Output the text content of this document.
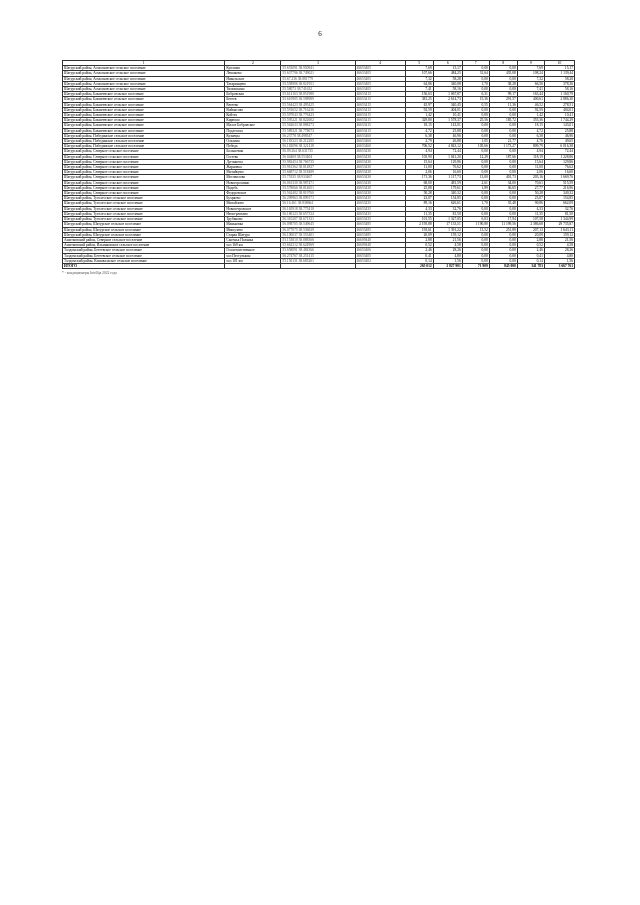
6
1	2	3	4	5	6	7	8	9	10
Шатурский район, Асмолковское сельское поселение	Куплиям	55.653091 38.950941	46653405	7,69	15,17	0,00	0,00	7,69	15,17
Шатурский район, Асмолковское сельское поселение	Лешаково	55.637796 38.749021	46653405	107,66	484,25	31,64	435,08	108,24	1 139,44
Шатурский район, Асмолковское сельское поселение	Никольское	55.67.236 38.881779	46653405	7,32	58,28	0,00	0,00	7,32	58,28
Шатурский район, Асмолковское сельское поселение	Татаринцево	55.558906 38.821951	46653405	64,86	340,08	1,70	38,28	66,56	378,36
Шатурский район, Асмолковское сельское поселение	Тимошкино	55.58073 38.741632	46653405	7,41	58,16	0,00	0,00	7,41	58,16
Шатурский район, Бакшеевское сельское поселение	Бобровская	55.614163 38.851980	46653415	156,63	1 067,87	6,31	99,17	163,44	1 160,79
Шатурский район, Бакшеевское сельское поселение	Бетеев	55.610905 38.598989	46653415	381,25	2 614,73	15,36	291,57	400,61	2 886,30
Шатурский район, Бакшеевское сельское поселение	Евтеево	55.564423 38.495425	46653415	45,97	340,45	0,55	11,36	46,52	278,51
Шатурский район, Бакшеевское сельское поселение	Воймасово	55.591652 38.716236	46653415	92,59	404,01	0,00	0,00	92,59	404,01
Шатурский район, Бакшеевское сельское поселение	Койтех	55.597043 38.776423	46653415	1,42	10,41	0,00	0,00	1,42	10,41
Шатурский район, Бакшеевское сельское поселение	Кирюшо	55.595221 38.822602	46653415	329,80	1 578,37	25,56	185,72	355,36	1 744,29
Шатурский район, Бакшеевское сельское поселение	Малое Бобровское	55.562633 38.888273	46653415	18,15	143,01	0,00	0,00	18,15	143,01
Шатурский район, Бакшеевское сельское поселение	Подлесиха	55.589321 38.778073	46653415	4,72	25,88	0,00	0,00	4,72	25,88
Шатурский район, Побединское сельское поселение	Кузнецы	56.23778 38.498547	46653460	6,38	46,96	0,00	0,00	6,38	46,96
Шатурский район, Побединское сельское поселение	Ольхина	56.183323 38.212295	46653460	2,79	26,88	1,05	21,77	4,76	49,65
Шатурский район, Побединское сельское поселение	Победа	56.182096 38.321418	46653460	706,52	4 843,12	105,66	1 173,27	809,79	6 016,38
Шатурский район, Северное сельское поселение	Большевик	56.09.264 38.631735	46653430	4,94	72,44	0,00	0,00	4,94	72,44
Шатурский район, Северное сельское поселение	Гостево	56.04469 38.553404	46653430	105,90	1 041,20	12,29	187,66	118,19	1 228,86
Шатурский район, Северное сельское поселение	Дуганкеты	55.982454 38.766735	46653430	15,64	129,86	0,00	0,00	15,64	129,86
Шатурский район, Северное сельское поселение	Жарновка	55.961362 38.814837	46653430	11,00	76,62	0,00	0,00	11,00	76,62
Шатурский район, Северное сельское поселение	Митяйцево	55.668712 38.518489	46653430	2,06	16,60	0,00	0,00	2,06	16,60
Шатурский район, Северное сельское поселение	Мотовилово	55.75335 38.933467	46653430	171,36	1 117,73	13,00	401,73	203,16	1 669,76
Шатурский район, Северное сельское поселение	Новогорошино	56.061330 38.987471	46653430	68,00	481,59	2,61	34,00	70,61	515,59
Шатурский район, Северное сельское поселение	Подобь	55.578066 38.814651	46653430	25,88	179,61	1,89	36,65	27,77	216,96
Шатурский район, Северное сельское поселение	Федоровское	55.562402 38.819760	46653430	50,28	340,32	0,00	0,00	50,28	340,32
Шатурский район, Туголесское сельское поселение	Бухряево	56.209963 38.899171	46653435	23,07	154,85	0,00	0,00	23,07	154,85
Шатурский район, Туголесское сельское поселение	Михайлово	56.16.461 38.838664	46653435	89,16	626,61	1,70	35,48	90,86	662,09
Шатурский район, Туголесское сельское поселение	Новопетровское	56.165918 38.775410	46653435	4,33	32,76	0,00	0,00	4,33	32,76
Шатурский район, Туголесское сельское поселение	Непотрепьево	56.186123 38.657334	46653435	11,35	81,50	0,00	0,00	11,35	81,50
Шатурский район, Туголесское сельское поселение	Трубаново	56.310207 38.671331	46653435	101,55	1 327,05	6,03	17,94	107,58	1 344,99
Шатурский район, Шатурское сельское поселение	Маньковка	56.098705 38.549645	46653485	2 195,88	17 133,51	1 190,80	11 199,56	2 386,68	29 735,87
Шатурский район, Шатурское сельское поселение	Мишулево	56.077075 38.536639	46653485	193,61	1 391,22	13,52	251,89	207,13	1 643,11
Шатурский район, Шатурское сельское поселение	Старая Шатура	56.100037 38.553401	46653485	20,09	159,12	0,00	0,00	20,09	159,12
Ашитковский район, Северное сельское поселение	Сыгеньа Полянка	55.153810 38.888366	46609440	2,88	21,56	0,00	0,00	2,88	21,56
Ашитковский район, Ильинковское сельское поселение	м.п 169 км	55.662312 38.624969	46609440	0,52	4,58	0,00	0,00	0,52	4,58
Талдомский район, Бетеевское сельское поселение	Госпитомственное	55.658091 38.484366	46653406	2,46	28,26	0,00	0,00	2,46	28,26
Талдомский район, Бетеевское сельское поселение	м.п Пестулькин	56.274767 38.251415	46653405	0,41	4,80	0,00	0,00	0,41	4,80
Талдомский район, Кимовальское сельское поселение	м.п 101 км	55.156131 38.683261	46653402	0,14	1,56	0,00	0,00	0,14	1,56
ИТОГО				265 012	2 827 901	71 909	845 000	341 783	3 667 761
* - кондиционеры Intellija 2022 года
